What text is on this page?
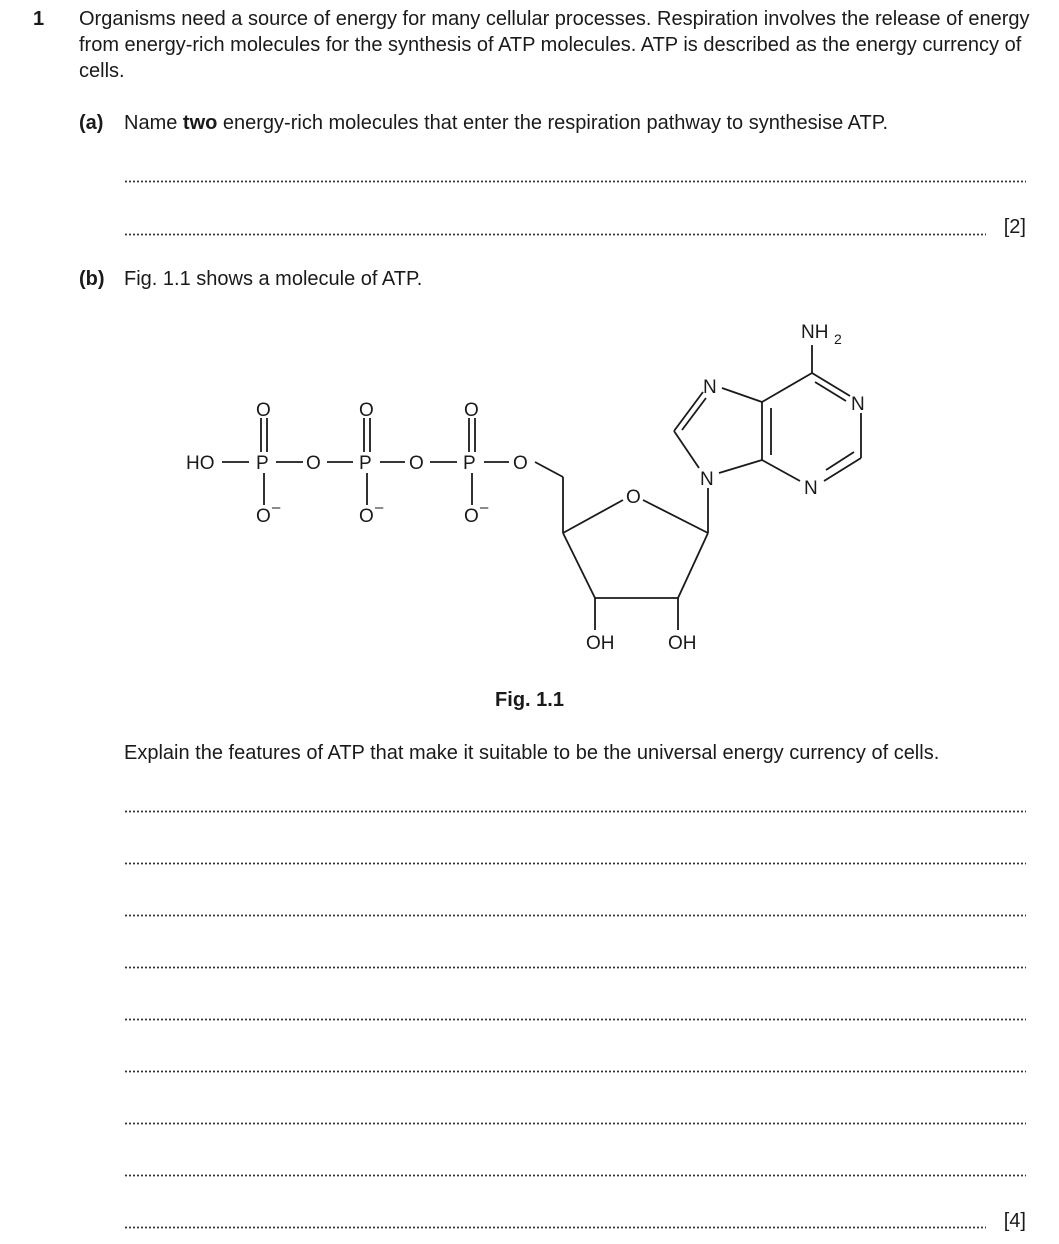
1 Organisms need a source of energy for many cellular processes. Respiration involves the release of energy from energy-rich molecules for the synthesis of ATP molecules. ATP is described as the energy currency of cells.
(a) Name two energy-rich molecules that enter the respiration pathway to synthesise ATP.
[2]
(b) Fig. 1.1 shows a molecule of ATP.
HO P O P O P O
O	O	O
O –	O –	O –	O
OH	OH
N
N
N
N
NH 2
Fig. 1.1
Explain the features of ATP that make it suitable to be the universal energy currency of cells.
[4]
